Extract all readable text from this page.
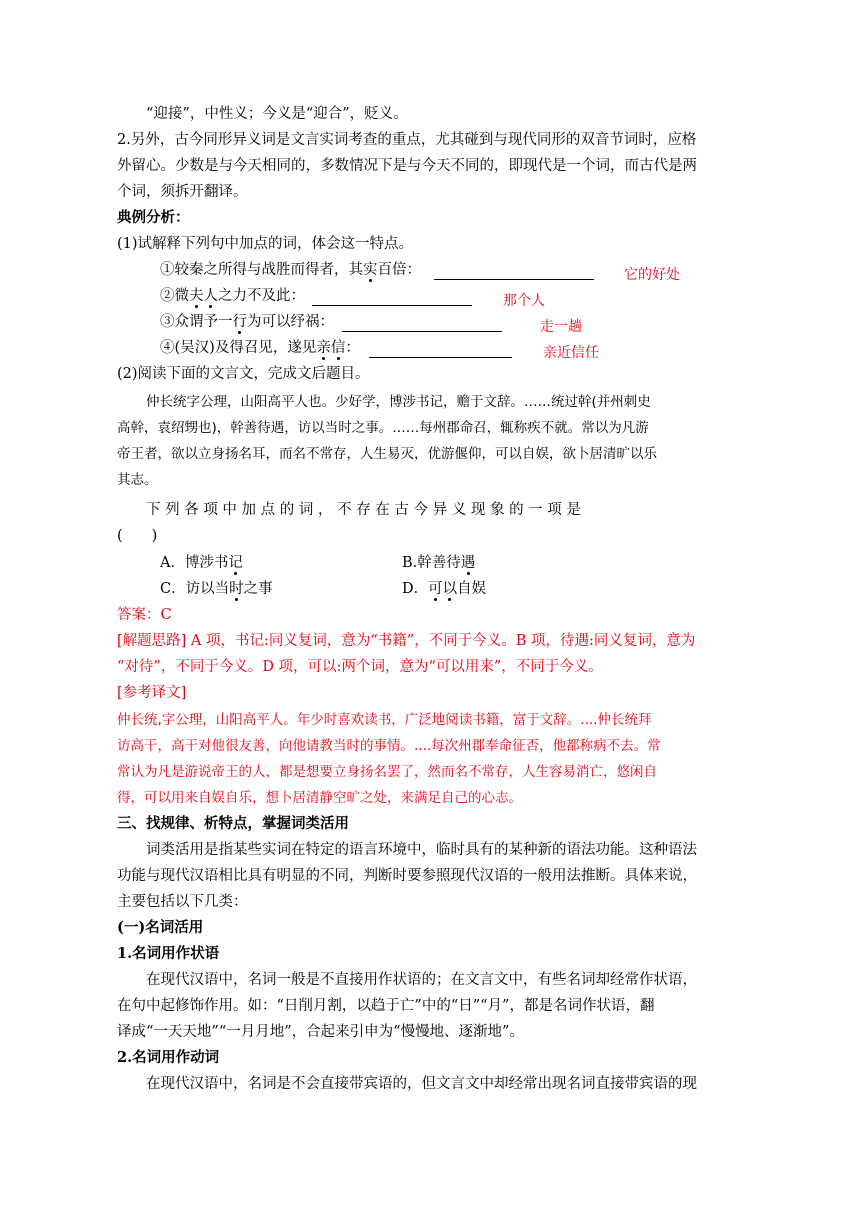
“迎接”，中性义；今义是“迎合”，贬义。
2.另外，古今同形异义词是文言实词考查的重点，尤其碰到与现代同形的双音节词时，应格
外留心。少数是与今天相同的，多数情况下是与今天不同的，即现代是一个词，而古代是两
个词，须拆开翻译。
典例分析：
(1)试解释下列句中加点的词，体会这一特点。
①较秦之所得与战胜而得者，其实百倍：	它的好处
②微夫人之力不及此：	那个人
③众谓予一行为可以纾祸：	走一趟
④(吴汉)及得召见，遂见亲信：	亲近信任
(2)阅读下面的文言文，完成文后题目。
仲长统字公理，山阳高平人也。少好学，博涉书记，赡于文辞。……统过幹(并州刺史
高幹，袁绍甥也)，幹善待遇，访以当时之事。……每州郡命召，辄称疾不就。常以为凡游
帝王者，欲以立身扬名耳，而名不常存，人生易灭，优游偃仰，可以自娱，欲卜居清旷以乐
其志。
下 列 各 项 中 加 点 的 词 ， 不 存 在 古 今 异 义 现 象 的 一 项 是
(　　)
A．博涉书记	B.幹善待遇
C．访以当时之事	D．可以自娱
答案：C
[解题思路] A 项，书记:同义复词，意为“书籍”，不同于今义。B 项，待遇:同义复词，意为
“对待”，不同于今义。D 项，可以:两个词，意为“可以用来”，不同于今义。
[参考译文]
仲长统,字公理，山阳高平人。年少时喜欢读书，广泛地阅读书籍，富于文辞。....仲长统拜
访高干，高干对他很友善，向他请教当时的事情。....每次州郡奉命征否，他都称病不去。常
常认为凡是游说帝王的人，都是想要立身扬名罢了，然而名不常存，人生容易消亡，悠闲自
得，可以用来自娱自乐，想卜居清静空旷之处，来满足自己的心志。
三、找规律、析特点，掌握词类活用
词类活用是指某些实词在特定的语言环境中，临时具有的某种新的语法功能。这种语法
功能与现代汉语相比具有明显的不同，判断时要参照现代汉语的一般用法推断。具体来说，
主要包括以下几类：
(一)名词活用
1.名词用作状语
在现代汉语中，名词一般是不直接用作状语的；在文言文中，有些名词却经常作状语，
在句中起修饰作用。如：“日削月割，以趋于亡”中的“日”“月”，都是名词作状语，翻
译成“一天天地”“一月月地”，合起来引申为“慢慢地、逐渐地”。
2.名词用作动词
在现代汉语中，名词是不会直接带宾语的，但文言文中却经常出现名词直接带宾语的现
